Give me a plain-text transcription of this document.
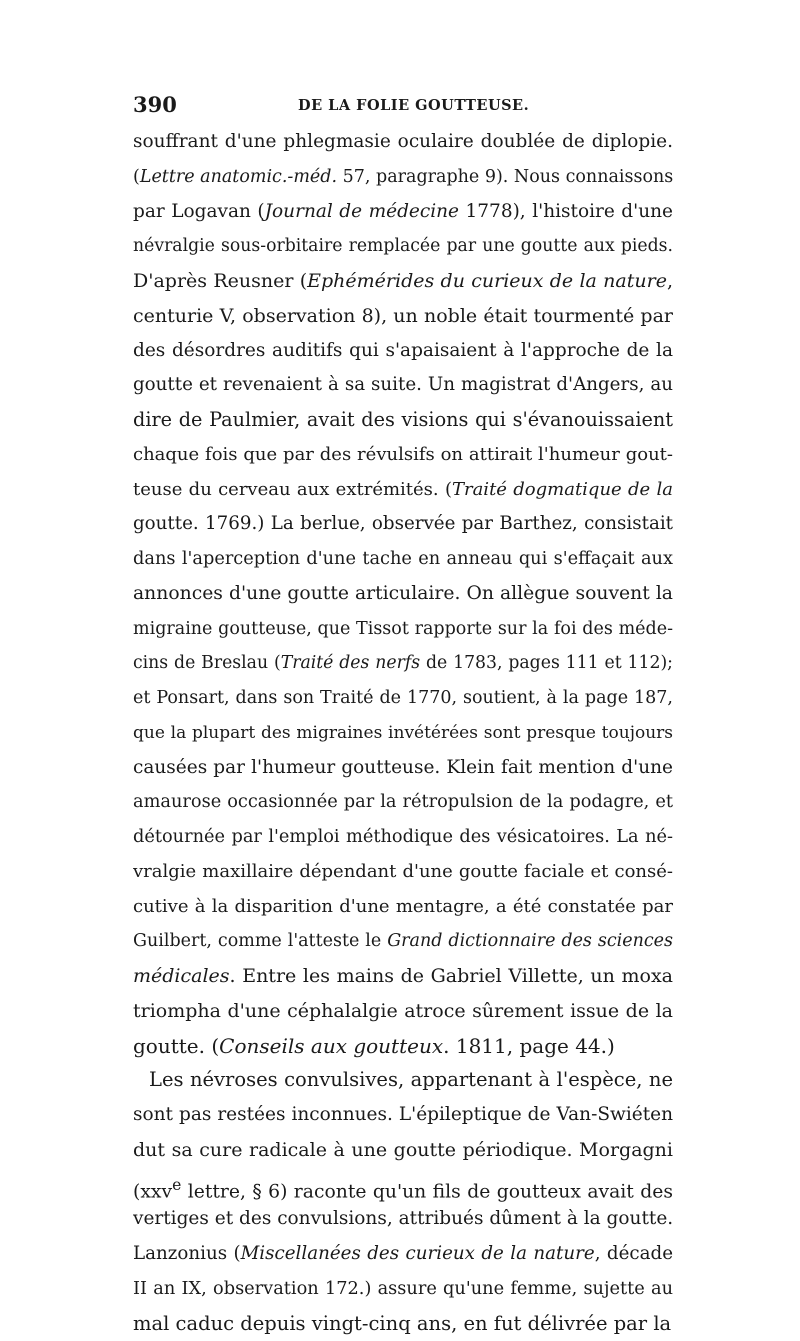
390	DE LA FOLIE GOUTTEUSE.
souffrant d'une phlegmasie oculaire doublée de diplopie.
(Lettre anatomic.-méd. 57, paragraphe 9). Nous connaissons
par Logavan (Journal de médecine 1778), l'histoire d'une
névralgie sous-orbitaire remplacée par une goutte aux pieds.
D'après Reusner (Ephémérides du curieux de la nature,
centurie V, observation 8), un noble était tourmenté par
des désordres auditifs qui s'apaisaient à l'approche de la
goutte et revenaient à sa suite. Un magistrat d'Angers, au
dire de Paulmier, avait des visions qui s'évanouissaient
chaque fois que par des révulsifs on attirait l'humeur gout-
teuse du cerveau aux extrémités. (Traité dogmatique de la
goutte. 1769.) La berlue, observée par Barthez, consistait
dans l'aperception d'une tache en anneau qui s'effaçait aux
annonces d'une goutte articulaire. On allègue souvent la
migraine goutteuse, que Tissot rapporte sur la foi des méde-
cins de Breslau (Traité des nerfs de 1783, pages 111 et 112);
et Ponsart, dans son Traité de 1770, soutient, à la page 187,
que la plupart des migraines invétérées sont presque toujours
causées par l'humeur goutteuse. Klein fait mention d'une
amaurose occasionnée par la rétropulsion de la podagre, et
détournée par l'emploi méthodique des vésicatoires. La né-
vralgie maxillaire dépendant d'une goutte faciale et consé-
cutive à la disparition d'une mentagre, a été constatée par
Guilbert, comme l'atteste le Grand dictionnaire des sciences
médicales. Entre les mains de Gabriel Villette, un moxa
triompha d'une céphalalgie atroce sûrement issue de la
goutte. (Conseils aux goutteux. 1811, page 44.)
Les névroses convulsives, appartenant à l'espèce, ne
sont pas restées inconnues. L'épileptique de Van-Swiéten
dut sa cure radicale à une goutte périodique. Morgagni
(xxv$^e$ lettre, § 6) raconte qu'un fils de goutteux avait des
vertiges et des convulsions, attribués dûment à la goutte.
Lanzonius (Miscellanées des curieux de la nature, décade
II an IX, observation 172.) assure qu'une femme, sujette au
mal caduc depuis vingt-cinq ans, en fut délivrée par la
